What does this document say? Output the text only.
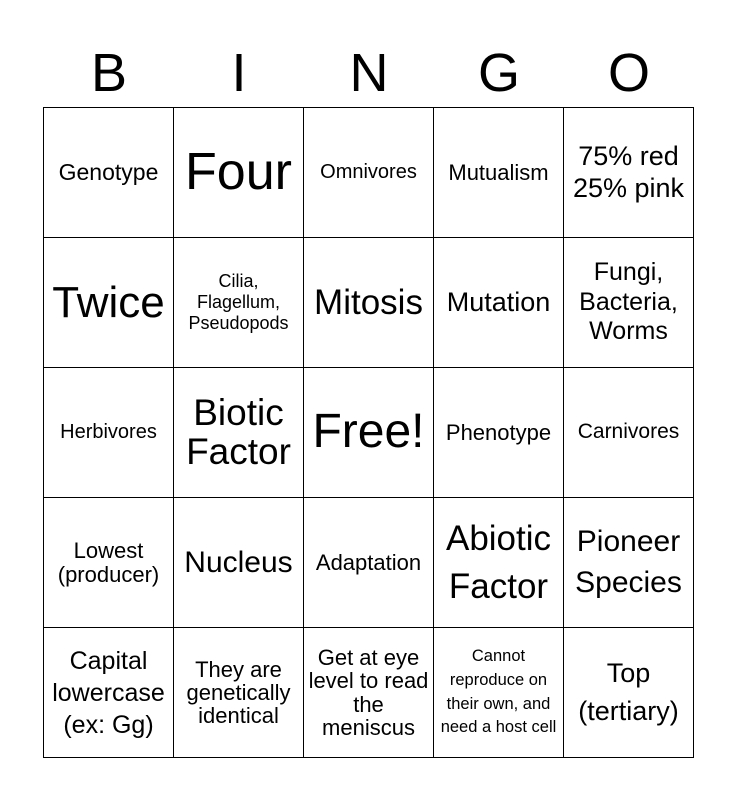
B	I	N	G	O
Genotype	Four	Omnivores	Mutualism	75% red 25% pink

Twice	Cilia, Flagellum, Pseudopods	Mitosis	Mutation	Fungi, Bacteria, Worms

Herbivores	Biotic Factor	Free!	Phenotype	Carnivores

Lowest (producer)	Nucleus	Adaptation	Abiotic Factor	Pioneer Species

Capital lowercase (ex: Gg)	They are genetically identical	Get at eye level to read the meniscus	Cannot reproduce on their own, and need a host cell	Top (tertiary)
